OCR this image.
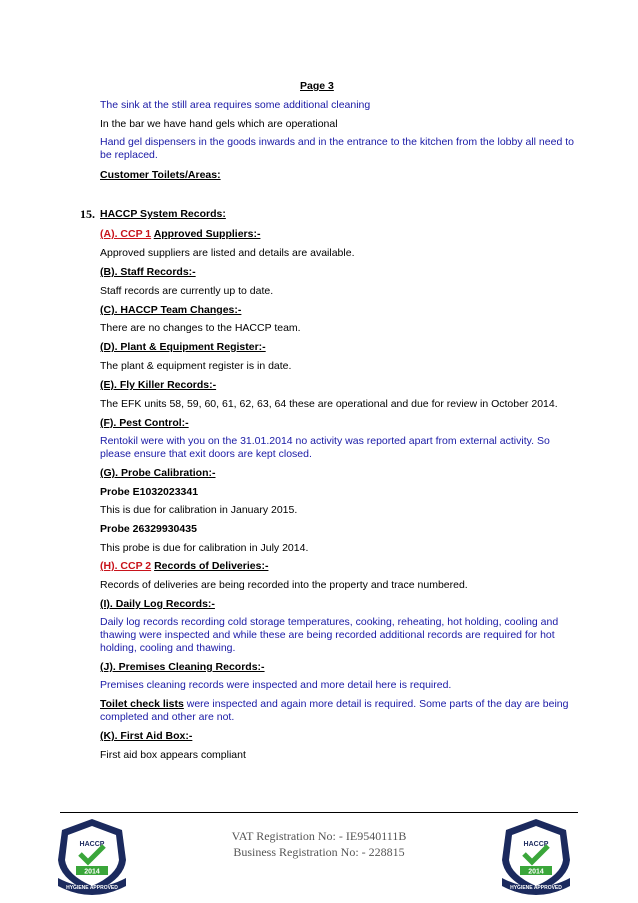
Page 3
The sink at the still area requires some additional cleaning
In the bar we have hand gels which are operational
Hand gel dispensers in the goods inwards and in the entrance to the kitchen from the lobby all need to be replaced.
Customer Toilets/Areas:
15. HACCP System Records:
(A). CCP 1 Approved Suppliers:-
Approved suppliers are listed and details are available.
(B). Staff Records:-
Staff records are currently up to date.
(C). HACCP Team Changes:-
There are no changes to the HACCP team.
(D). Plant & Equipment Register:-
The plant & equipment register is in date.
(E). Fly Killer Records:-
The EFK units 58, 59, 60, 61, 62, 63, 64 these are operational and due for review in October 2014.
(F). Pest Control:-
Rentokil were with you on the 31.01.2014 no activity was reported apart from external activity. So please ensure that exit doors are kept closed.
(G). Probe Calibration:-
Probe E1032023341
This is due for calibration in January 2015.
Probe 26329930435
This probe is due for calibration in July 2014.
(H). CCP 2 Records of Deliveries:-
Records of deliveries are being recorded into the property and trace numbered.
(I). Daily Log Records:-
Daily log records recording cold storage temperatures, cooking, reheating, hot holding, cooling and thawing were inspected and while these are being recorded additional records are required for hot holding, cooling and thawing.
(J). Premises Cleaning Records:-
Premises cleaning records were inspected and more detail here is required.
Toilet check lists were inspected and again more detail is required. Some parts of the day are being completed and other are not.
(K). First Aid Box:-
First aid box appears compliant
VAT Registration No: - IE9540111B
Business Registration No: - 228815
HACCP
2014
HYGIENE APPROVED
HACCP
2014
HYGIENE APPROVED
